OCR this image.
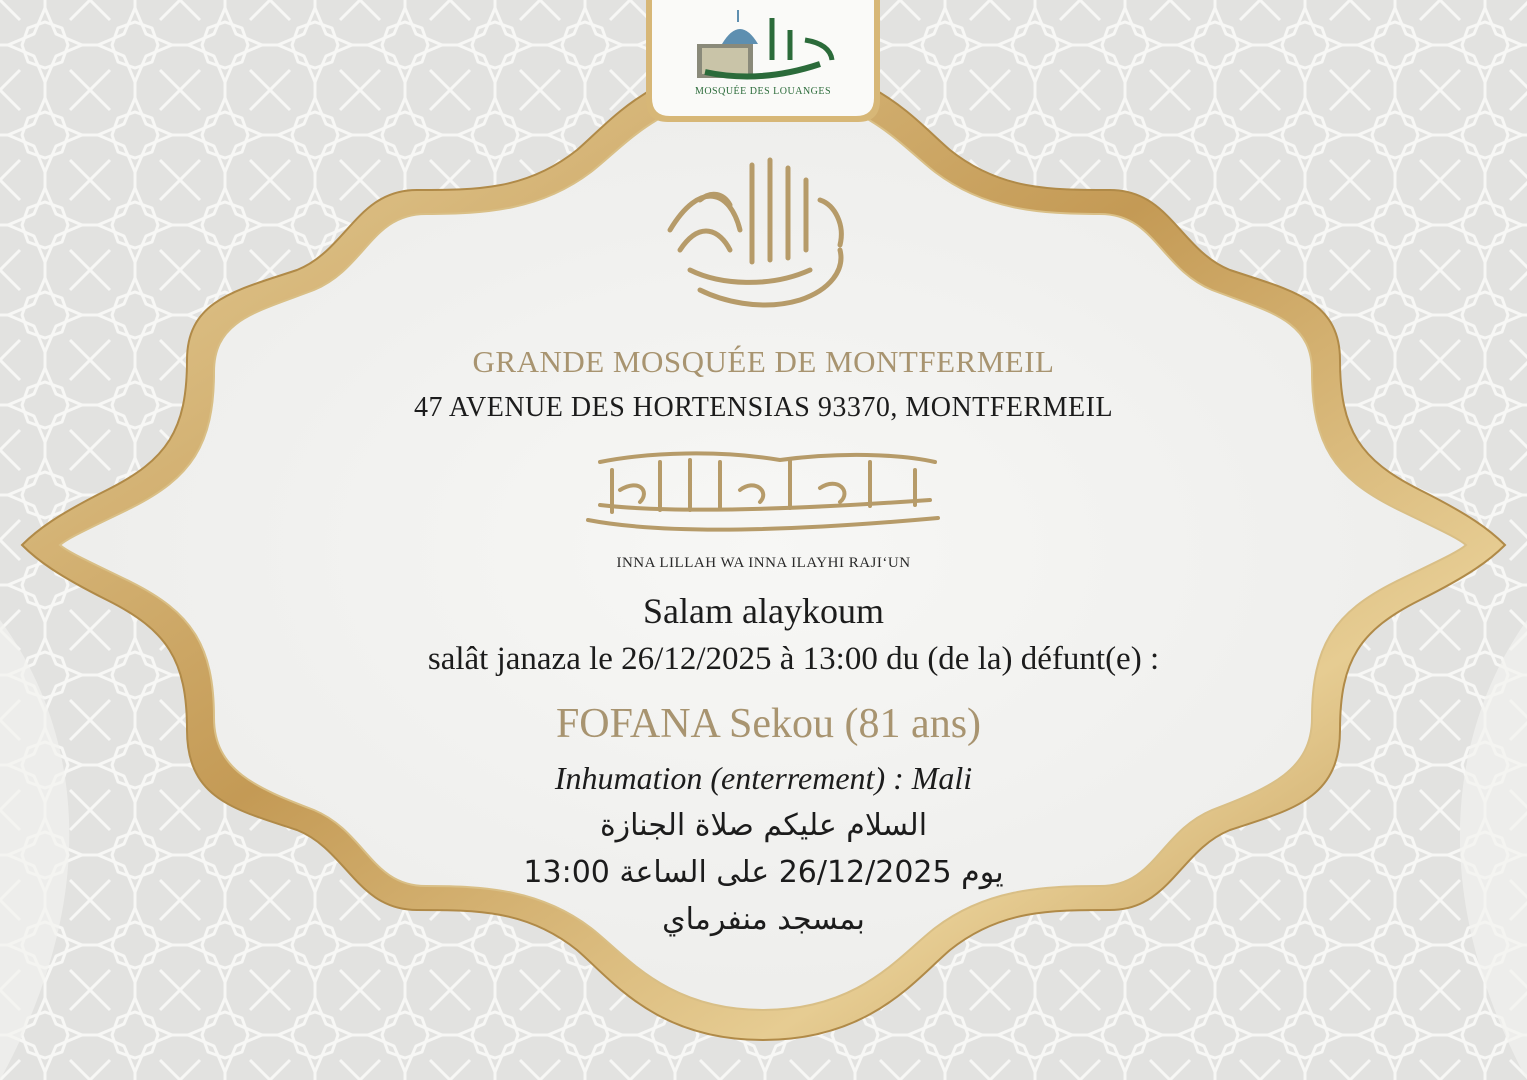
MOSQUÉE DES LOUANGES

GRANDE MOSQUÉE DE MONTFERMEIL

47 AVENUE DES HORTENSIAS 93370, MONTFERMEIL

INNA LILLAH WA INNA ILAYHI RAJI‘UN

Salam alaykoum

salât janaza le 26/12/2025 à 13:00 du (de la) défunt(e) :

FOFANA Sekou (81 ans)

Inhumation (enterrement) : Mali

السلام عليكم صلاة الجنازة

يوم 26/12/2025 على الساعة 13:00

بمسجد منفرماي
